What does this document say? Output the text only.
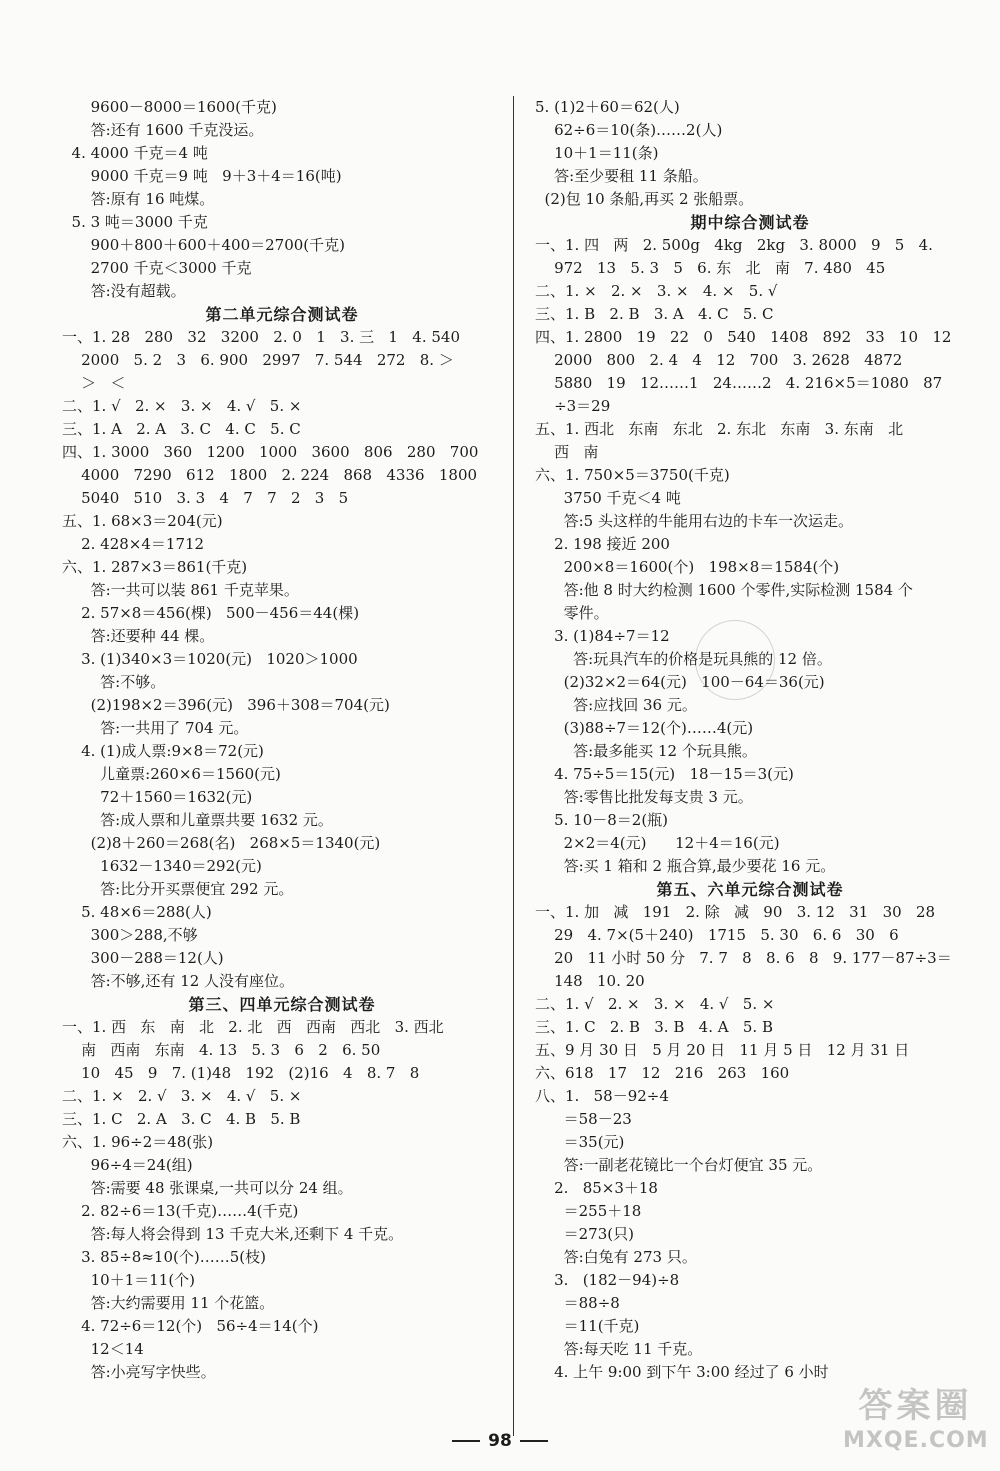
9600－8000＝1600(千克)
答:还有 1600 千克没运。
4. 4000 千克＝4 吨
9000 千克＝9 吨   9＋3＋4＝16(吨)
答:原有 16 吨煤。
5. 3 吨＝3000 千克
900＋800＋600＋400＝2700(千克)
2700 千克＜3000 千克
答:没有超载。
第二单元综合测试卷
一、1. 28   280   32   3200   2. 0   1   3. 三   1   4. 540
2000   5. 2   3   6. 900   2997   7. 544   272   8. ＞
＞   ＜
二、1. √   2. ×   3. ×   4. √   5. ×
三、1. A   2. A   3. C   4. C   5. C
四、1. 3000   360   1200   1000   3600   806   280   700
4000   7290   612   1800   2. 224   868   4336   1800
5040   510   3. 3   4   7   7   2   3   5
五、1. 68×3＝204(元)
2. 428×4＝1712
六、1. 287×3＝861(千克)
答:一共可以装 861 千克苹果。
2. 57×8＝456(棵)   500－456＝44(棵)
答:还要种 44 棵。
3. (1)340×3＝1020(元)   1020＞1000
答:不够。
(2)198×2＝396(元)   396＋308＝704(元)
答:一共用了 704 元。
4. (1)成人票:9×8＝72(元)
儿童票:260×6＝1560(元)
72＋1560＝1632(元)
答:成人票和儿童票共要 1632 元。
(2)8＋260＝268(名)   268×5＝1340(元)
1632－1340＝292(元)
答:比分开买票便宜 292 元。
5. 48×6＝288(人)
300＞288,不够
300－288＝12(人)
答:不够,还有 12 人没有座位。
第三、四单元综合测试卷
一、1. 西   东   南   北   2. 北   西   西南   西北   3. 西北
南   西南   东南   4. 13   5. 3   6   2   6. 50
10   45   9   7. (1)48   192   (2)16   4   8. 7   8
二、1. ×   2. √   3. ×   4. √   5. ×
三、1. C   2. A   3. C   4. B   5. B
六、1. 96÷2＝48(张)
96÷4＝24(组)
答:需要 48 张课桌,一共可以分 24 组。
2. 82÷6＝13(千克)……4(千克)
答:每人将会得到 13 千克大米,还剩下 4 千克。
3. 85÷8≈10(个)……5(枝)
10＋1＝11(个)
答:大约需要用 11 个花篮。
4. 72÷6＝12(个)   56÷4＝14(个)
12＜14
答:小亮写字快些。
5. (1)2＋60＝62(人)
62÷6＝10(条)……2(人)
10＋1＝11(条)
答:至少要租 11 条船。
(2)包 10 条船,再买 2 张船票。
期中综合测试卷
一、1. 四   两   2. 500g   4kg   2kg   3. 8000   9   5   4.
972   13   5. 3   5   6. 东   北   南   7. 480   45
二、1. ×   2. ×   3. ×   4. ×   5. √
三、1. B   2. B   3. A   4. C   5. C
四、1. 2800   19   22   0   540   1408   892   33   10   12
2000   800   2. 4   4   12   700   3. 2628   4872
5880   19   12……1   24……2   4. 216×5＝1080   87
÷3＝29
五、1. 西北   东南   东北   2. 东北   东南   3. 东南   北
西   南
六、1. 750×5＝3750(千克)
3750 千克＜4 吨
答:5 头这样的牛能用右边的卡车一次运走。
2. 198 接近 200
200×8＝1600(个)   198×8＝1584(个)
答:他 8 时大约检测 1600 个零件,实际检测 1584 个
零件。
3. (1)84÷7＝12
答:玩具汽车的价格是玩具熊的 12 倍。
(2)32×2＝64(元)   100－64＝36(元)
答:应找回 36 元。
(3)88÷7＝12(个)……4(元)
答:最多能买 12 个玩具熊。
4. 75÷5＝15(元)   18－15＝3(元)
答:零售比批发每支贵 3 元。
5. 10－8＝2(瓶)
2×2＝4(元)      12＋4＝16(元)
答:买 1 箱和 2 瓶合算,最少要花 16 元。
第五、六单元综合测试卷
一、1. 加   减   191   2. 除   减   90   3. 12   31   30   28
29   4. 7×(5＋240)   1715   5. 30   6. 6   30   6
20   11 小时 50 分   7. 7   8   8. 6   8   9. 177－87÷3＝
148   10. 20
二、1. √   2. ×   3. ×   4. √   5. ×
三、1. C   2. B   3. B   4. A   5. B
五、9 月 30 日   5 月 20 日   11 月 5 日   12 月 31 日
六、618   17   12   216   263   160
八、1.   58－92÷4
＝58－23
＝35(元)
答:一副老花镜比一个台灯便宜 35 元。
2.   85×3＋18
＝255＋18
＝273(只)
答:白兔有 273 只。
3.   (182－94)÷8
＝88÷8
＝11(千克)
答:每天吃 11 千克。
4. 上午 9:00 到下午 3:00 经过了 6 小时
98
答案圈
MXQE.COM
